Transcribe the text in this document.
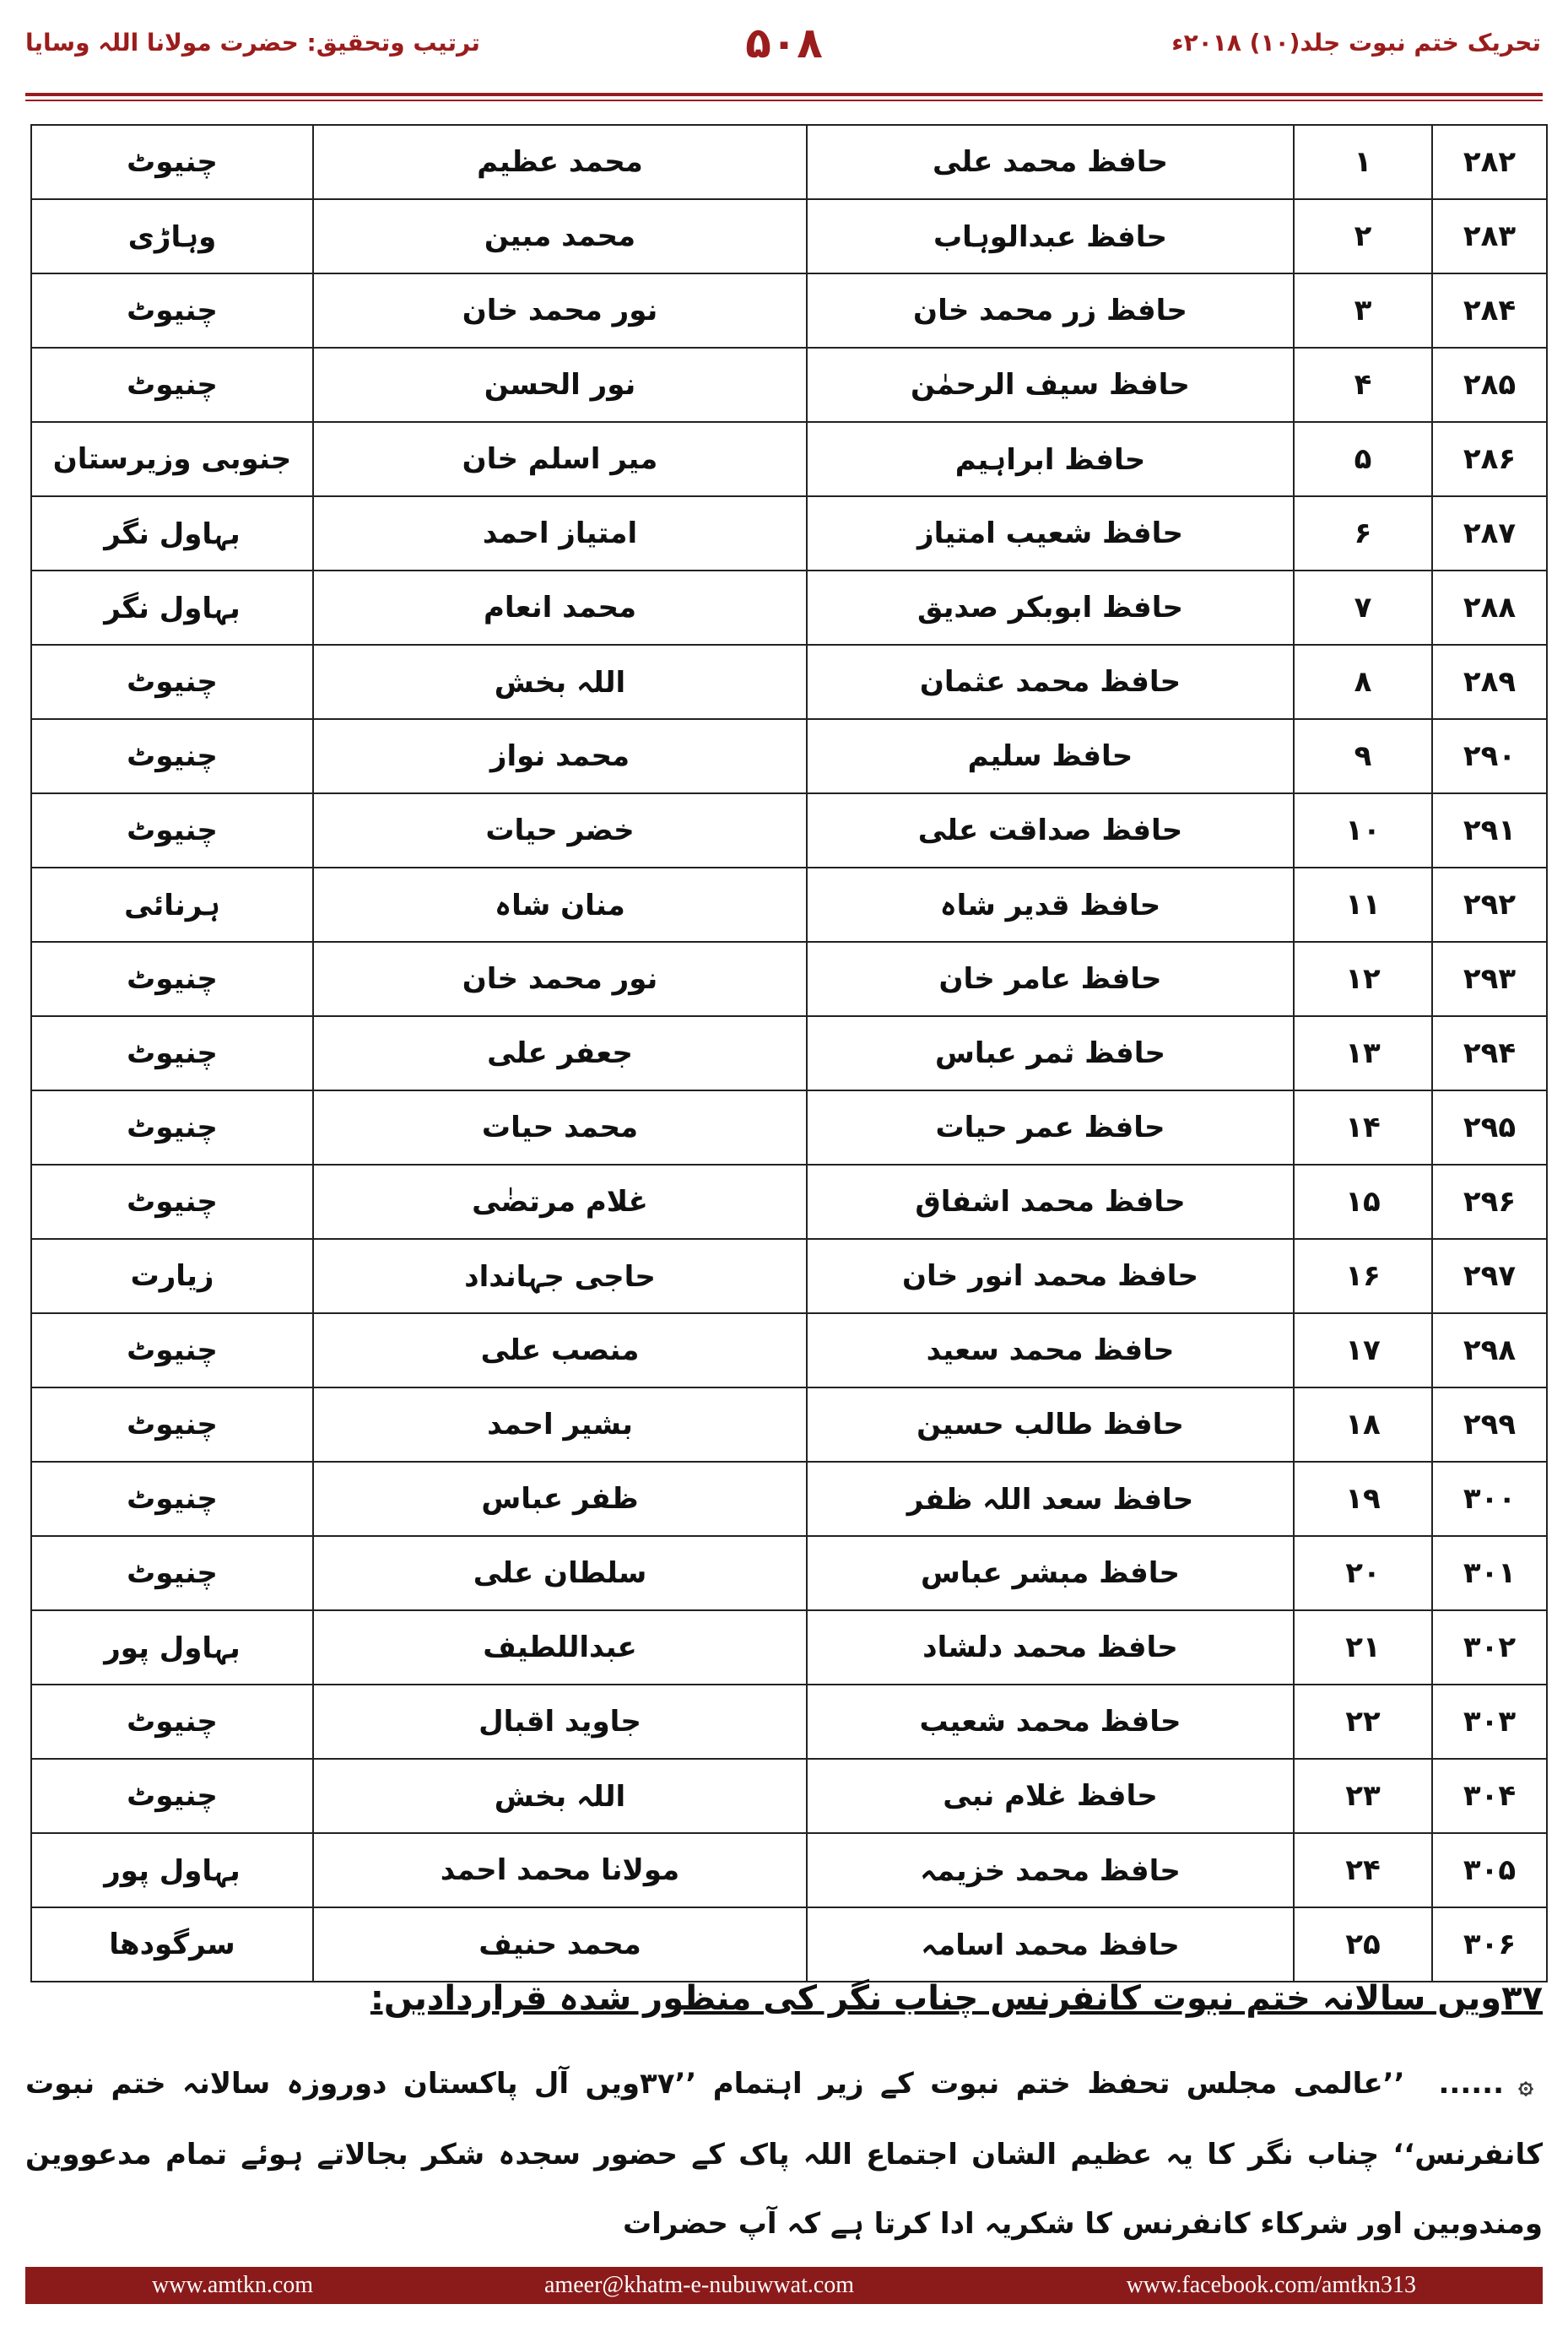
تحریک ختم نبوت جلد(۱۰) ۲۰۱۸ء
۵۰۸
ترتیب وتحقیق: حضرت مولانا اللہ وسایا
۲۸۲	۱	حافظ محمد علی	محمد عظیم	چنیوٹ
۲۸۳	۲	حافظ عبدالوہاب	محمد مبین	وہاڑی
۲۸۴	۳	حافظ زر محمد خان	نور محمد خان	چنیوٹ
۲۸۵	۴	حافظ سیف الرحمٰن	نور الحسن	چنیوٹ
۲۸۶	۵	حافظ ابراہیم	میر اسلم خان	جنوبی وزیرستان
۲۸۷	۶	حافظ شعیب امتیاز	امتیاز احمد	بہاول نگر
۲۸۸	۷	حافظ ابوبکر صدیق	محمد انعام	بہاول نگر
۲۸۹	۸	حافظ محمد عثمان	اللہ بخش	چنیوٹ
۲۹۰	۹	حافظ سلیم	محمد نواز	چنیوٹ
۲۹۱	۱۰	حافظ صداقت علی	خضر حیات	چنیوٹ
۲۹۲	۱۱	حافظ قدیر شاہ	منان شاہ	ہرنائی
۲۹۳	۱۲	حافظ عامر خان	نور محمد خان	چنیوٹ
۲۹۴	۱۳	حافظ ثمر عباس	جعفر علی	چنیوٹ
۲۹۵	۱۴	حافظ عمر حیات	محمد حیات	چنیوٹ
۲۹۶	۱۵	حافظ محمد اشفاق	غلام مرتضٰی	چنیوٹ
۲۹۷	۱۶	حافظ محمد انور خان	حاجی جہانداد	زیارت
۲۹۸	۱۷	حافظ محمد سعید	منصب علی	چنیوٹ
۲۹۹	۱۸	حافظ طالب حسین	بشیر احمد	چنیوٹ
۳۰۰	۱۹	حافظ سعد اللہ ظفر	ظفر عباس	چنیوٹ
۳۰۱	۲۰	حافظ مبشر عباس	سلطان علی	چنیوٹ
۳۰۲	۲۱	حافظ محمد دلشاد	عبداللطیف	بہاول پور
۳۰۳	۲۲	حافظ محمد شعیب	جاوید اقبال	چنیوٹ
۳۰۴	۲۳	حافظ غلام نبی	اللہ بخش	چنیوٹ
۳۰۵	۲۴	حافظ محمد خزیمہ	مولانا محمد احمد	بہاول پور
۳۰۶	۲۵	حافظ محمد اسامہ	محمد حنیف	سرگودھا
۳۷ویں سالانہ ختم نبوت کانفرنس چناب نگر کی منظور شدہ قراردادیں:
۞......’’عالمی مجلس تحفظ ختم نبوت کے زیر اہتمام ’’۳۷ویں آل پاکستان دوروزہ سالانہ ختم نبوت کانفرنس‘‘ چناب نگر کا یہ عظیم الشان اجتماع اللہ پاک کے حضور سجدہ شکر بجالاتے ہوئے تمام مدعووین ومندوبین اور شرکاء کانفرنس کا شکریہ ادا کرتا ہے کہ آپ حضرات
www.amtkn.com	ameer@khatm-e-nubuwwat.com	www.facebook.com/amtkn313
